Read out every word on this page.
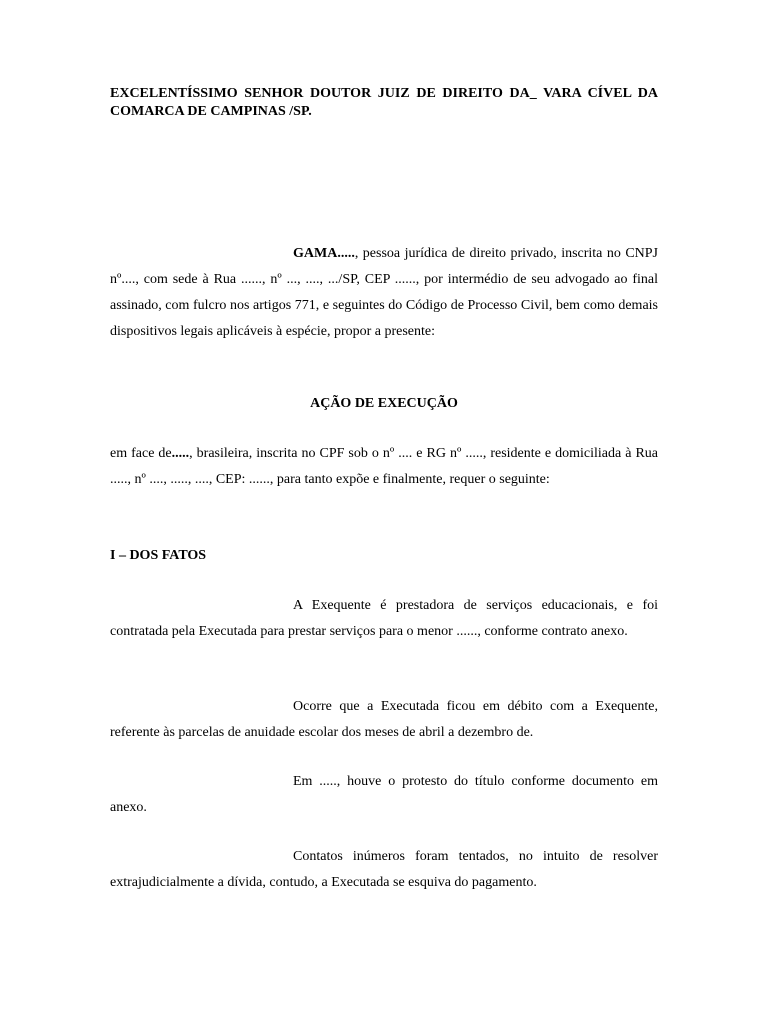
EXCELENTÍSSIMO SENHOR DOUTOR JUIZ DE DIREITO DA_ VARA CÍVEL DA COMARCA DE CAMPINAS /SP.

GAMA....., pessoa jurídica de direito privado, inscrita no CNPJ nº...., com sede à Rua ......, nº ..., ...., .../SP, CEP ......, por intermédio de seu advogado ao final assinado, com fulcro nos artigos 771, e seguintes do Código de Processo Civil, bem como demais dispositivos legais aplicáveis à espécie, propor a presente:

AÇÃO DE EXECUÇÃO

em face de....., brasileira, inscrita no CPF sob o nº .... e RG nº ....., residente e domiciliada à Rua ....., nº ...., ....., ...., CEP: ......, para tanto expõe e finalmente, requer o seguinte:

I – DOS FATOS

A Exequente é prestadora de serviços educacionais, e foi contratada pela Executada para prestar serviços para o menor ......, conforme contrato anexo.

Ocorre que a Executada ficou em débito com a Exequente, referente às parcelas de anuidade escolar dos meses de abril a dezembro de.

Em ....., houve o protesto do título conforme documento em anexo.

Contatos inúmeros foram tentados, no intuito de resolver extrajudicialmente a dívida, contudo, a Executada se esquiva do pagamento.
